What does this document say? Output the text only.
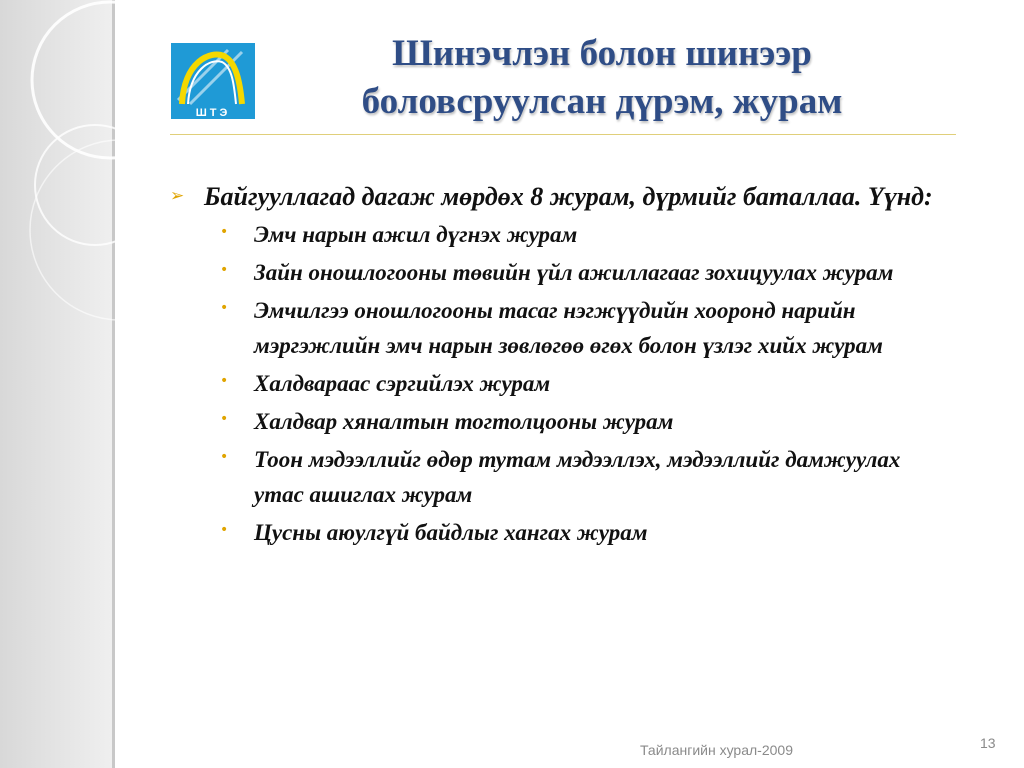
ШТЭ
Шинэчлэн болон шинээр
боловсруулсан дүрэм, журам
➢ Байгууллагад дагаж мөрдөх 8 журам, дүрмийг баталлаа. Үүнд:
•	Эмч нарын ажил дүгнэх журам
•	Зайн оношлогооны төвийн үйл ажиллагааг зохицуулах журам
•	Эмчилгээ оношлогооны тасаг нэгжүүдийн хооронд нарийн мэргэжлийн эмч нарын зөвлөгөө өгөх болон үзлэг хийх журам
•	Халдвараас сэргийлэх журам
•	Халдвар хяналтын тогтолцооны журам
•	Тоон мэдээллийг өдөр тутам мэдээллэх, мэдээллийг дамжуулах утас ашиглах журам
•	Цусны аюулгүй байдлыг хангах журам
Тайлангийн хурал-2009	13
